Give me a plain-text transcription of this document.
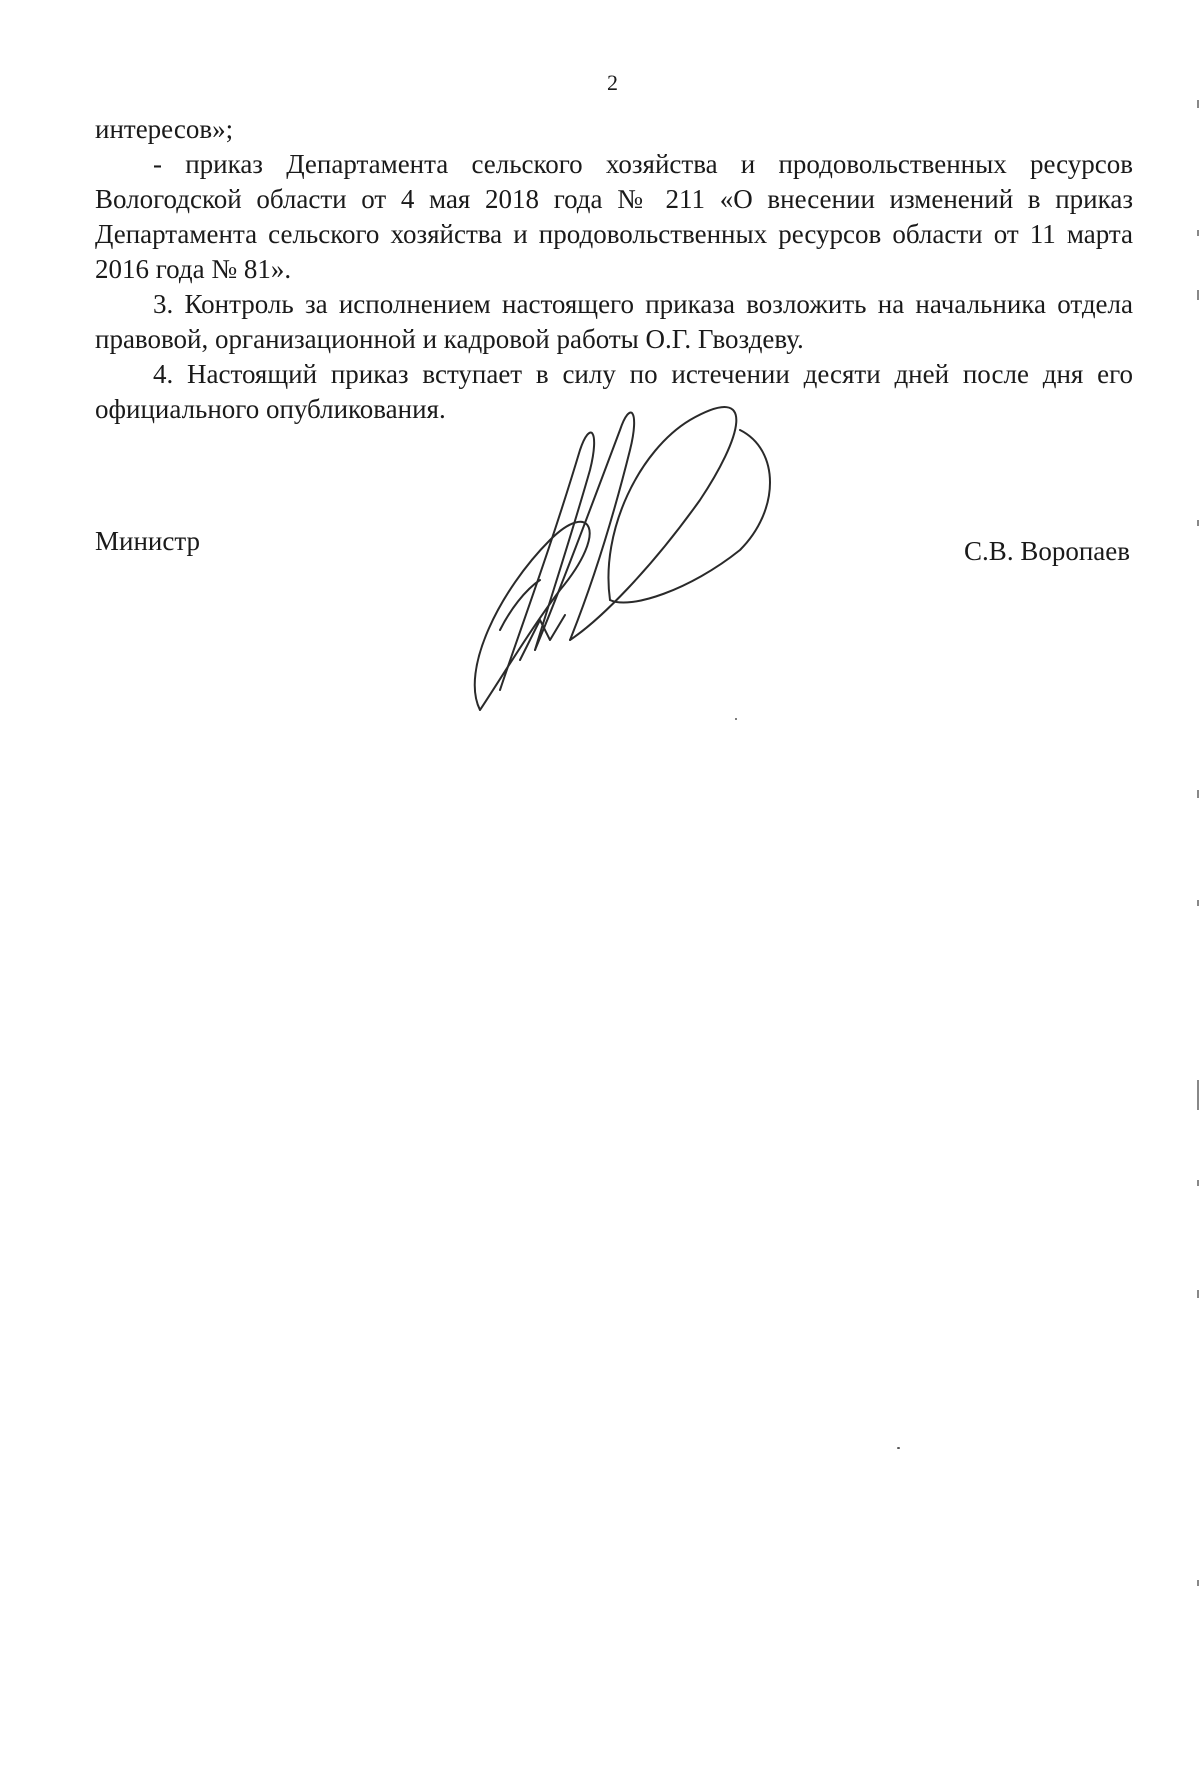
2

интересов»;

- приказ Департамента сельского хозяйства и продовольственных ресурсов Вологодской области от 4 мая 2018 года № 211 «О внесении изменений в приказ Департамента сельского хозяйства и продовольственных ресурсов области от 11 марта 2016 года № 81».

3. Контроль за исполнением настоящего приказа возложить на начальника отдела правовой, организационной и кадровой работы О.Г. Гвоздеву.

4. Настоящий приказ вступает в силу по истечении десяти дней после дня его официального опубликования.

Министр	С.В. Воропаев
